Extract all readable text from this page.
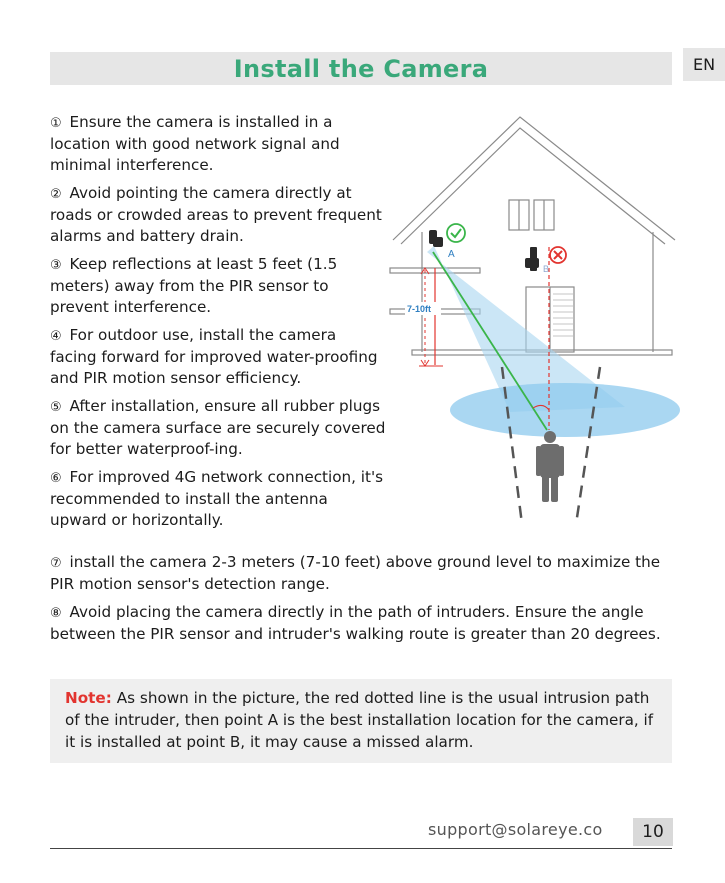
Install the Camera	EN

① Ensure the camera is installed in a location with good network signal and minimal interference.

② Avoid pointing the camera directly at roads or crowded areas to prevent frequent alarms and battery drain.

③ Keep reflections at least 5 feet (1.5 meters) away from the PIR sensor to prevent interference.

④ For outdoor use, install the camera facing forward for improved water-proofing and PIR motion sensor efficiency.

⑤ After installation, ensure all rubber plugs on the camera surface are securely covered for better waterproof-ing.

⑥ For improved 4G network connection, it's recommended to install the antenna upward or horizontally.

A
B
7-10ft

⑦ install the camera 2-3 meters (7-10 feet) above ground level to maximize the PIR motion sensor's detection range.

⑧ Avoid placing the camera directly in the path of intruders. Ensure the angle between the PIR sensor and intruder's walking route is greater than 20 degrees.

Note: As shown in the picture, the red dotted line is the usual intrusion path of the intruder, then point A is the best installation location for the camera, if it is installed at point B, it may cause a missed alarm.
support@solareye.co	10
